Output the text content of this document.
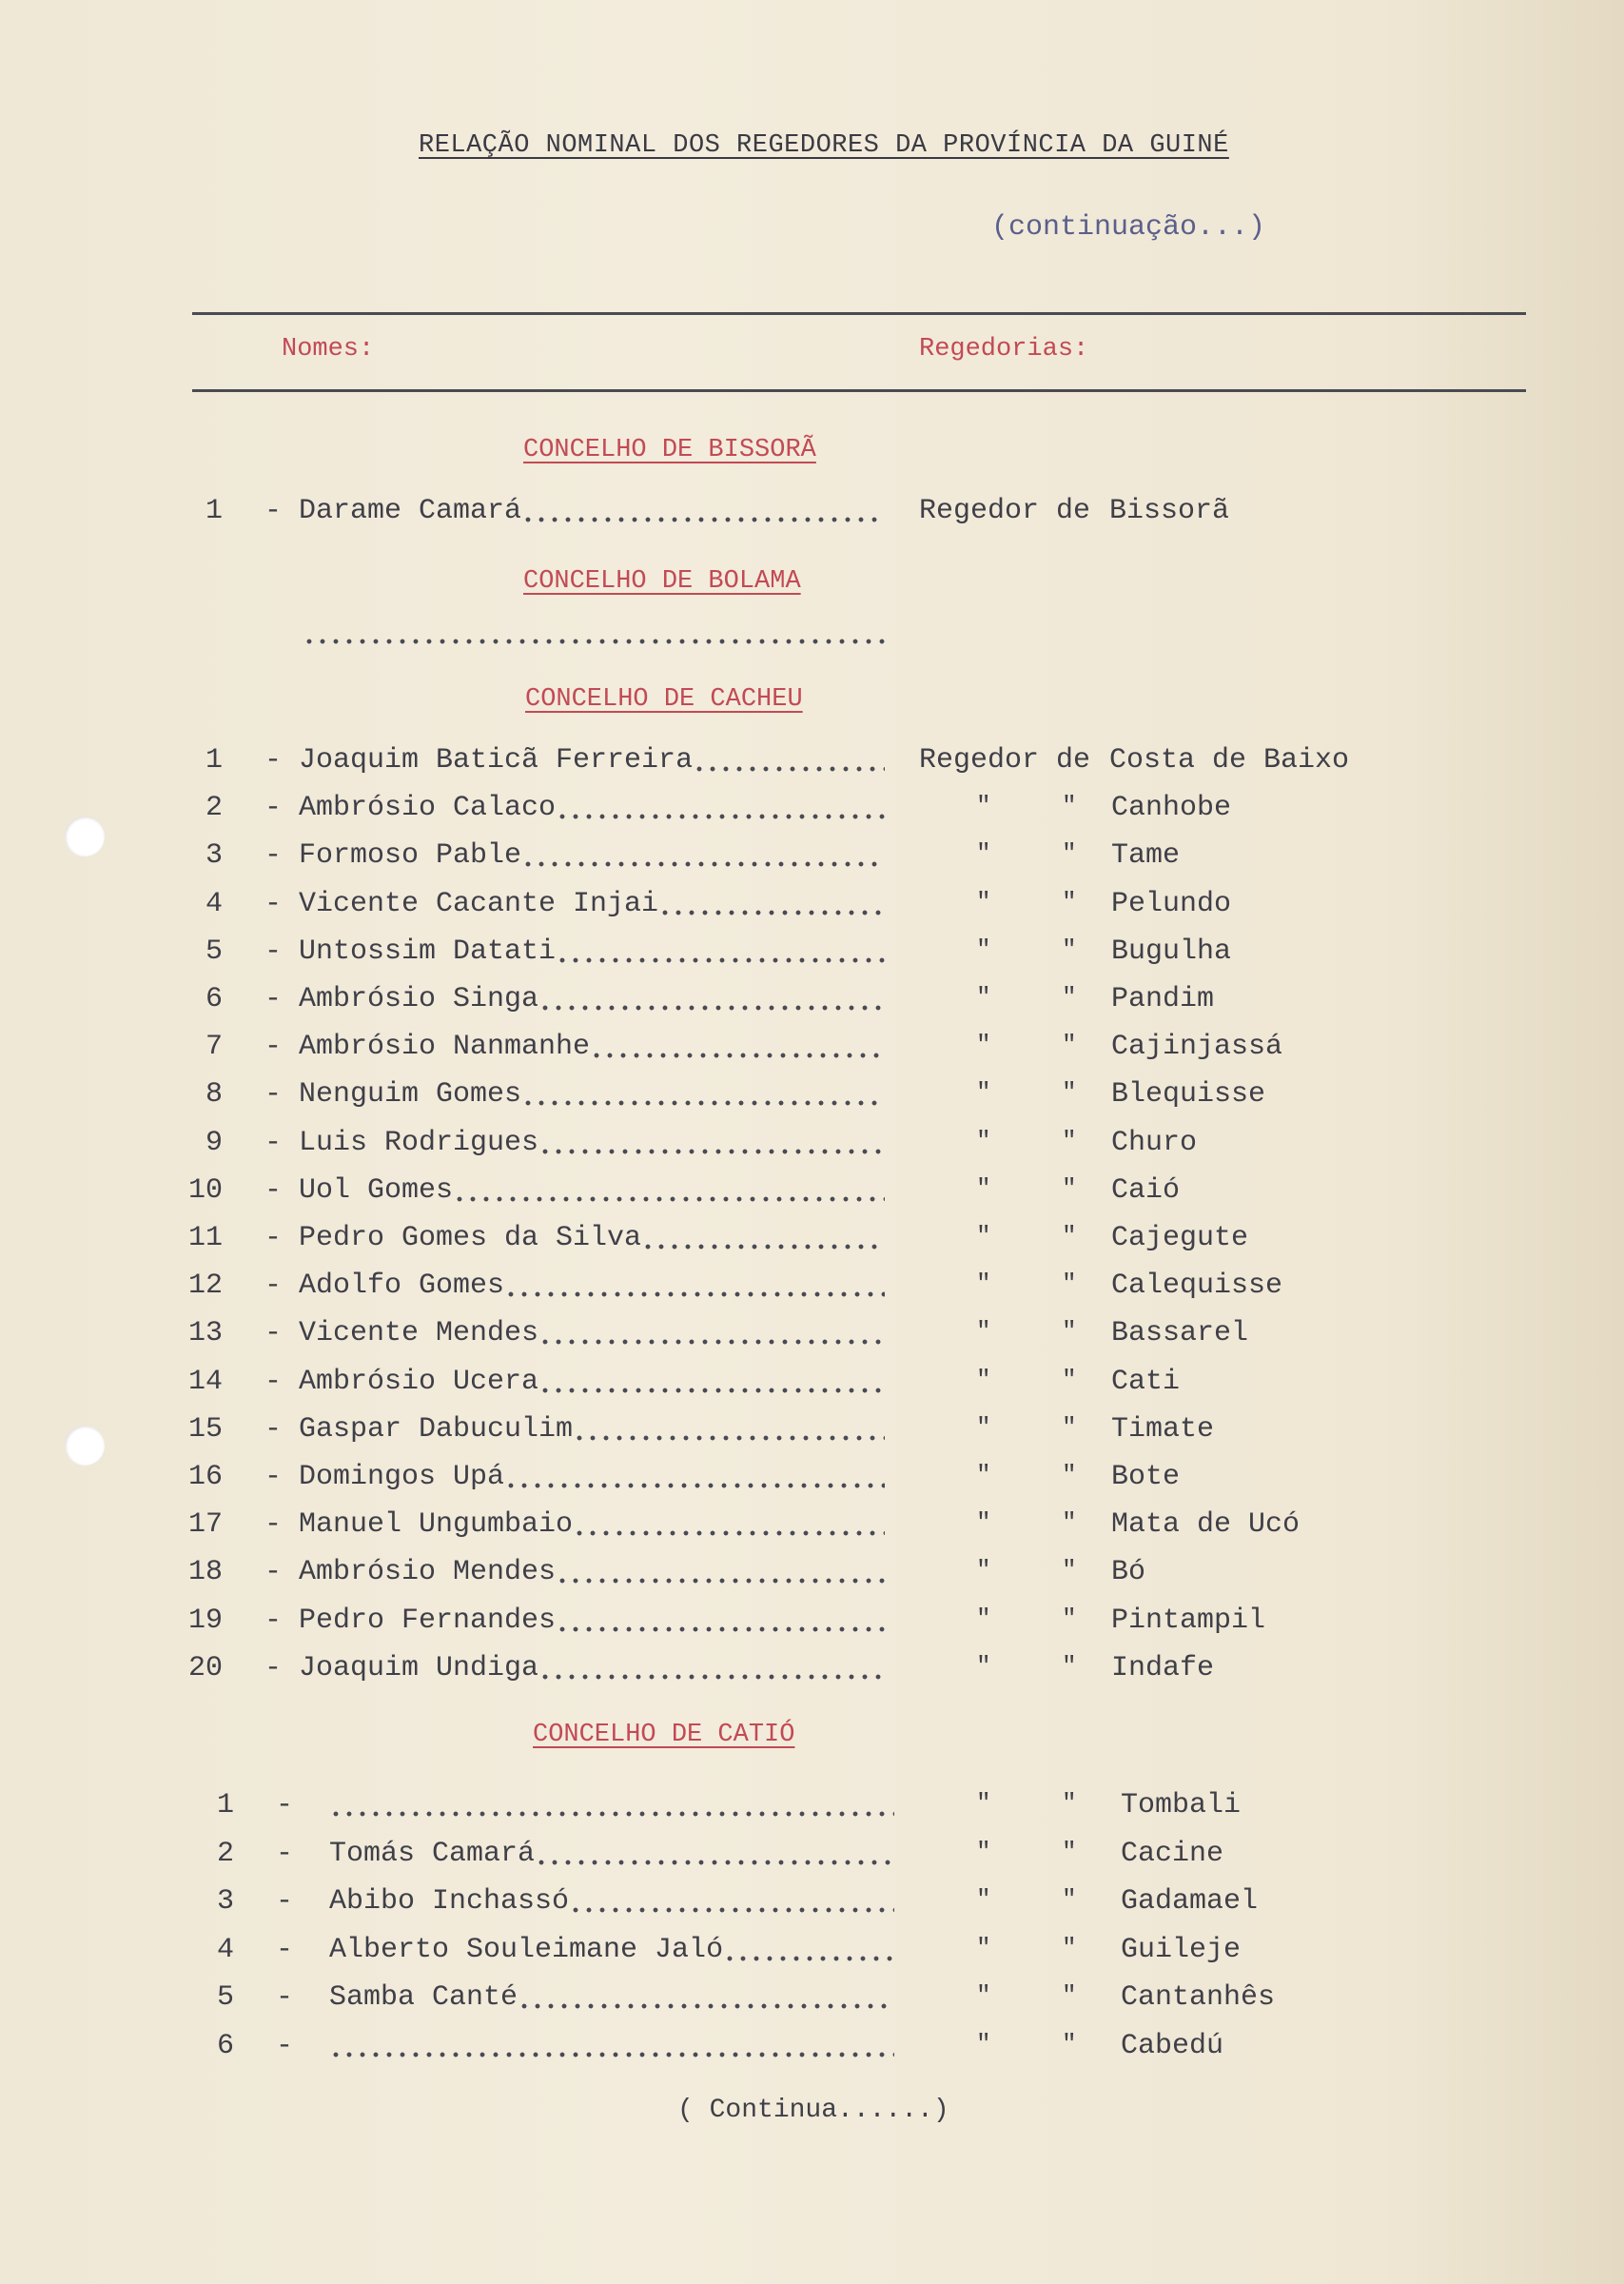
RELAÇÃO NOMINAL DOS REGEDORES DA PROVÍNCIA DA GUINÉ
(continuação...)
Nomes:	Regedorias:
CONCELHO DE BISSORÃ
1 - Darame Camará	Regedor de Bissorã
CONCELHO DE BOLAMA
CONCELHO DE CACHEU
1 - Joaquim Baticã Ferreira	Regedor de Costa de Baixo
2 - Ambrósio Calaco	"	" Canhobe
3 - Formoso Pable	"	" Tame
4 - Vicente Cacante Injai	"	" Pelundo
5 - Untossim Datati	"	" Bugulha
6 - Ambrósio Singa	"	" Pandim
7 - Ambrósio Nanmanhe	"	" Cajinjassá
8 - Nenguim Gomes	"	" Blequisse
9 - Luis Rodrigues	"	" Churo
10 - Uol Gomes	"	" Caió
11 - Pedro Gomes da Silva	"	" Cajegute
12 - Adolfo Gomes	"	" Calequisse
13 - Vicente Mendes	"	" Bassarel
14 - Ambrósio Ucera	"	" Cati
15 - Gaspar Dabuculim	"	" Timate
16 - Domingos Upá	"	" Bote
17 - Manuel Ungumbaio	"	" Mata de Ucó
18 - Ambrósio Mendes	"	" Bó
19 - Pedro Fernandes	"	" Pintampil
20 - Joaquim Undiga	"	" Indafe
CONCELHO DE CATIÓ
1 -	"	" Tombali
2 - Tomás Camará	"	" Cacine
3 - Abibo Inchassó	"	" Gadamael
4 - Alberto Souleimane Jaló	"	" Guileje
5 - Samba Canté	"	" Cantanhês
6 -	"	" Cabedú
( Continua......)
